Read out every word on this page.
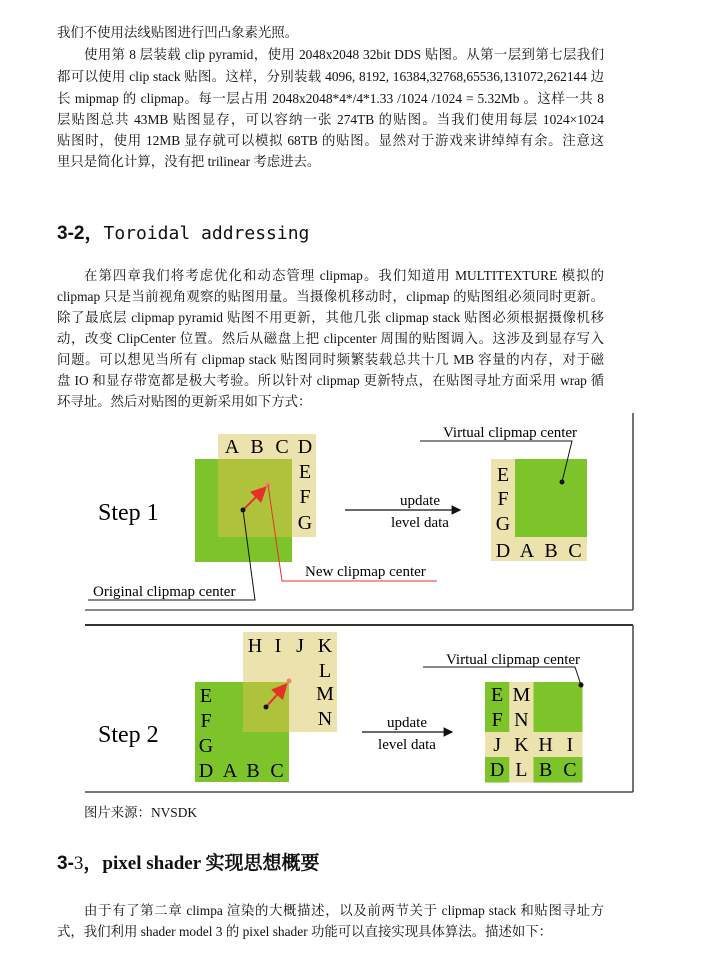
我们不使用法线贴图进行凹凸象素光照。
使用第 8 层装载 clip pyramid，使用 2048x2048 32bit DDS 贴图。从第一层到第七层我们
都可以使用 clip stack 贴图。这样，分别装载 4096, 8192, 16384,32768,65536,131072,262144 边
长 mipmap 的 clipmap。每一层占用 2048x2048*4*/4*1.33 /1024 /1024 = 5.32Mb 。这样一共 8
层贴图总共 43MB 贴图显存，可以容纳一张 274TB 的贴图。当我们使用每层 1024×1024
贴图时，使用 12MB 显存就可以模拟 68TB 的贴图。显然对于游戏来讲绰绰有余。注意这
里只是简化计算，没有把 trilinear 考虑进去。
3-2，Toroidal addressing
在第四章我们将考虑优化和动态管理 clipmap。我们知道用 MULTITEXTURE 模拟的
clipmap 只是当前视角观察的贴图用量。当摄像机移动时，clipmap 的贴图组必须同时更新。
除了最底层 clipmap pyramid 贴图不用更新，其他几张 clipmap stack 贴图必须根据摄像机移
动，改变 ClipCenter 位置。然后从磁盘上把 clipcenter 周围的贴图调入。这涉及到显存写入
问题。可以想见当所有 clipmap stack 贴图同时频繁装载总共十几 MB 容量的内存，对于磁
盘 IO 和显存带宽都是极大考验。所以针对 clipmap 更新特点，在贴图寻址方面采用 wrap 循
环寻址。然后对贴图的更新采用如下方式：
Step 1
A B C D
E
F
G
New clipmap center
Original clipmap center
update
level data
E
F
G
D A B C
Virtual clipmap center
Step 2
H I J K
L
M
N
E
F
G
D A B C
update
level data
E M
F N
J K H I
D L B C
Virtual clipmap center
图片来源：NVSDK
3-3，pixel shader 实现思想概要
由于有了第二章 climpa 渲染的大概描述，以及前两节关于 clipmap stack 和贴图寻址方
式，我们利用 shader model 3 的 pixel shader 功能可以直接实现具体算法。描述如下：
